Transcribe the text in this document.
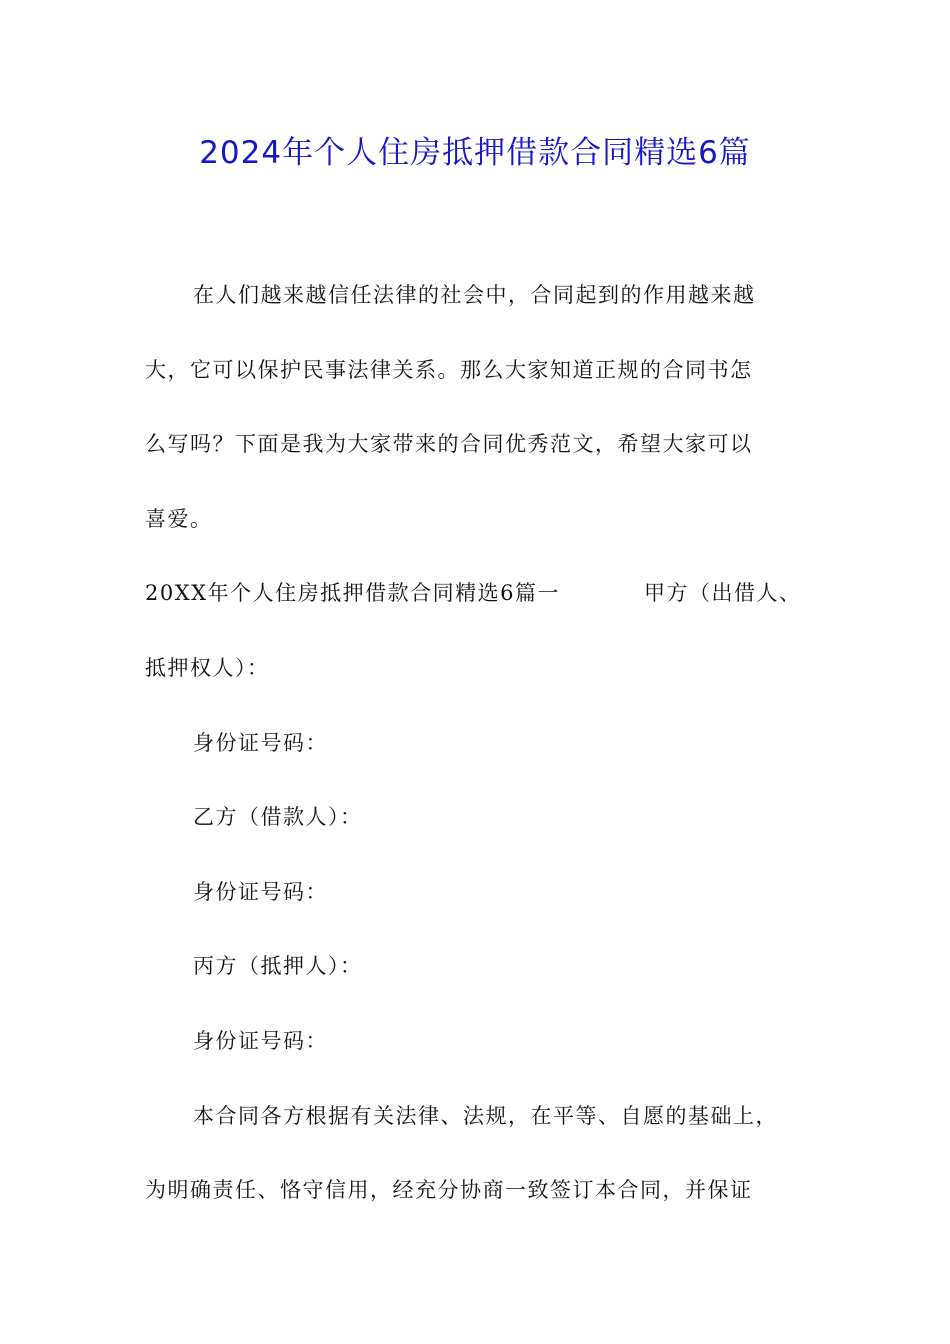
2024年个人住房抵押借款合同精选6篇

在人们越来越信任法律的社会中，合同起到的作用越来越

大，它可以保护民事法律关系。那么大家知道正规的合同书怎

么写吗？下面是我为大家带来的合同优秀范文，希望大家可以

喜爱。

20XX年个人住房抵押借款合同精选6篇一	甲方（出借人、

抵押权人）：

身份证号码：

乙方（借款人）：

身份证号码：

丙方（抵押人）：

身份证号码：

本合同各方根据有关法律、法规，在平等、自愿的基础上，

为明确责任、恪守信用，经充分协商一致签订本合同，并保证
